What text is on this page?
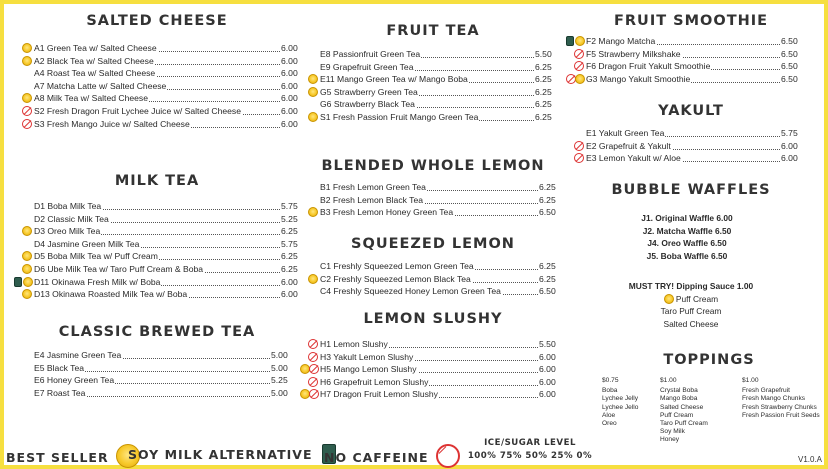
SALTED CHEESE
A1 Green Tea w/ Salted Cheese	6.00
A2 Black Tea w/ Salted Cheese	6.00
A4 Roast Tea w/ Salted Cheese	6.00
A7 Matcha Latte w/ Salted Cheese	6.00
A8 Milk Tea w/ Salted Cheese	6.00
S2 Fresh Dragon Fruit Lychee Juice w/ Salted Cheese	6.00
S3 Fresh Mango Juice w/ Salted Cheese	6.00
MILK TEA
D1 Boba Milk Tea	5.75
D2 Classic Milk Tea	5.25
D3 Oreo Milk Tea	6.25
D4 Jasmine Green Milk Tea	5.75
D5 Boba Milk Tea w/ Puff Cream	6.25
D6 Ube Milk Tea w/ Taro Puff Cream & Boba	6.25
D11 Okinawa Fresh Milk w/ Boba	6.00
D13 Okinawa Roasted Milk Tea w/ Boba	6.00
CLASSIC BREWED TEA
E4 Jasmine Green Tea	5.00
E5 Black Tea	5.00
E6 Honey Green Tea	5.25
E7 Roast Tea	5.00
FRUIT TEA
E8 Passionfruit Green Tea	5.50
E9 Grapefruit Green Tea	6.25
E11 Mango Green Tea w/ Mango Boba	6.25
G5 Strawberry Green Tea	6.25
G6 Strawberry Black Tea	6.25
S1 Fresh Passion Fruit Mango Green Tea	6.25
BLENDED WHOLE LEMON
B1 Fresh Lemon Green Tea	6.25
B2 Fresh Lemon Black Tea	6.25
B3 Fresh Lemon Honey Green Tea	6.50
SQUEEZED LEMON
C1 Freshly Squeezed Lemon Green Tea	6.25
C2 Freshly Squeezed Lemon Black Tea	6.25
C4 Freshly Squeezed Honey Lemon Green Tea	6.50
LEMON SLUSHY
H1 Lemon Slushy	5.50
H3 Yakult Lemon Slushy	6.00
H5 Mango Lemon Slushy	6.00
H6 Grapefruit Lemon Slushy	6.00
H7 Dragon Fruit Lemon Slushy	6.00
FRUIT SMOOTHIE
F2 Mango Matcha	6.50
F5 Strawberry Milkshake	6.50
F6 Dragon Fruit Yakult Smoothie	6.50
G3 Mango Yakult Smoothie	6.50
YAKULT
E1 Yakult Green Tea	5.75
E2 Grapefruit & Yakult	6.00
E3 Lemon Yakult w/ Aloe	6.00
BUBBLE WAFFLES
J1. Original Waffle 6.00
J2. Matcha Waffle 6.50
J4. Oreo Waffle 6.50
J5. Boba Waffle 6.50
MUST TRY! Dipping Sauce 1.00
Puff Cream
Taro Puff Cream
Salted Cheese
TOPPINGS
$0.75
Boba
Lychee Jelly
Lychee Jello
Aloe
Oreo
$1.00
Crystal Boba
Mango Boba
Salted Cheese
Puff Cream
Taro Puff Cream
Soy Milk
Honey
$1.00
Fresh Grapefruit
Fresh Mango Chunks
Fresh Strawberry Chunks
Fresh Passion Fruit Seeds
BEST SELLER	SOY MILK ALTERNATIVE NO CAFFEINE
ICE/SUGAR LEVEL
100% 75% 50% 25% 0%	V1.0.A
